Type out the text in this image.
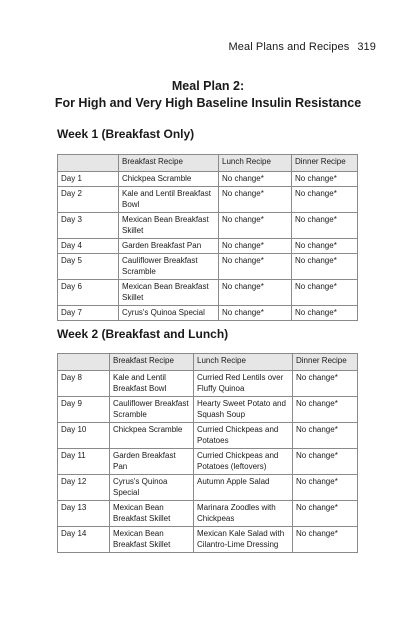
Meal Plans and Recipes 319
Meal Plan 2:
For High and Very High Baseline Insulin Resistance
Week 1 (Breakfast Only)
	Breakfast Recipe	Lunch Recipe	Dinner Recipe
Day 1	Chickpea Scramble	No change*	No change*
Day 2	Kale and Lentil Breakfast Bowl	No change*	No change*
Day 3	Mexican Bean Breakfast Skillet	No change*	No change*
Day 4	Garden Breakfast Pan	No change*	No change*
Day 5	Cauliflower Breakfast Scramble	No change*	No change*
Day 6	Mexican Bean Breakfast Skillet	No change*	No change*
Day 7	Cyrus's Quinoa Special	No change*	No change*
Week 2 (Breakfast and Lunch)
	Breakfast Recipe	Lunch Recipe	Dinner Recipe
Day 8	Kale and Lentil Breakfast Bowl	Curried Red Lentils over Fluffy Quinoa	No change*
Day 9	Cauliflower Breakfast Scramble	Hearty Sweet Potato and Squash Soup	No change*
Day 10	Chickpea Scramble	Curried Chickpeas and Potatoes	No change*
Day 11	Garden Breakfast Pan	Curried Chickpeas and Potatoes (leftovers)	No change*
Day 12	Cyrus's Quinoa Special	Autumn Apple Salad	No change*
Day 13	Mexican Bean Breakfast Skillet	Marinara Zoodles with Chickpeas	No change*
Day 14	Mexican Bean Breakfast Skillet	Mexican Kale Salad with Cilantro-Lime Dressing	No change*
